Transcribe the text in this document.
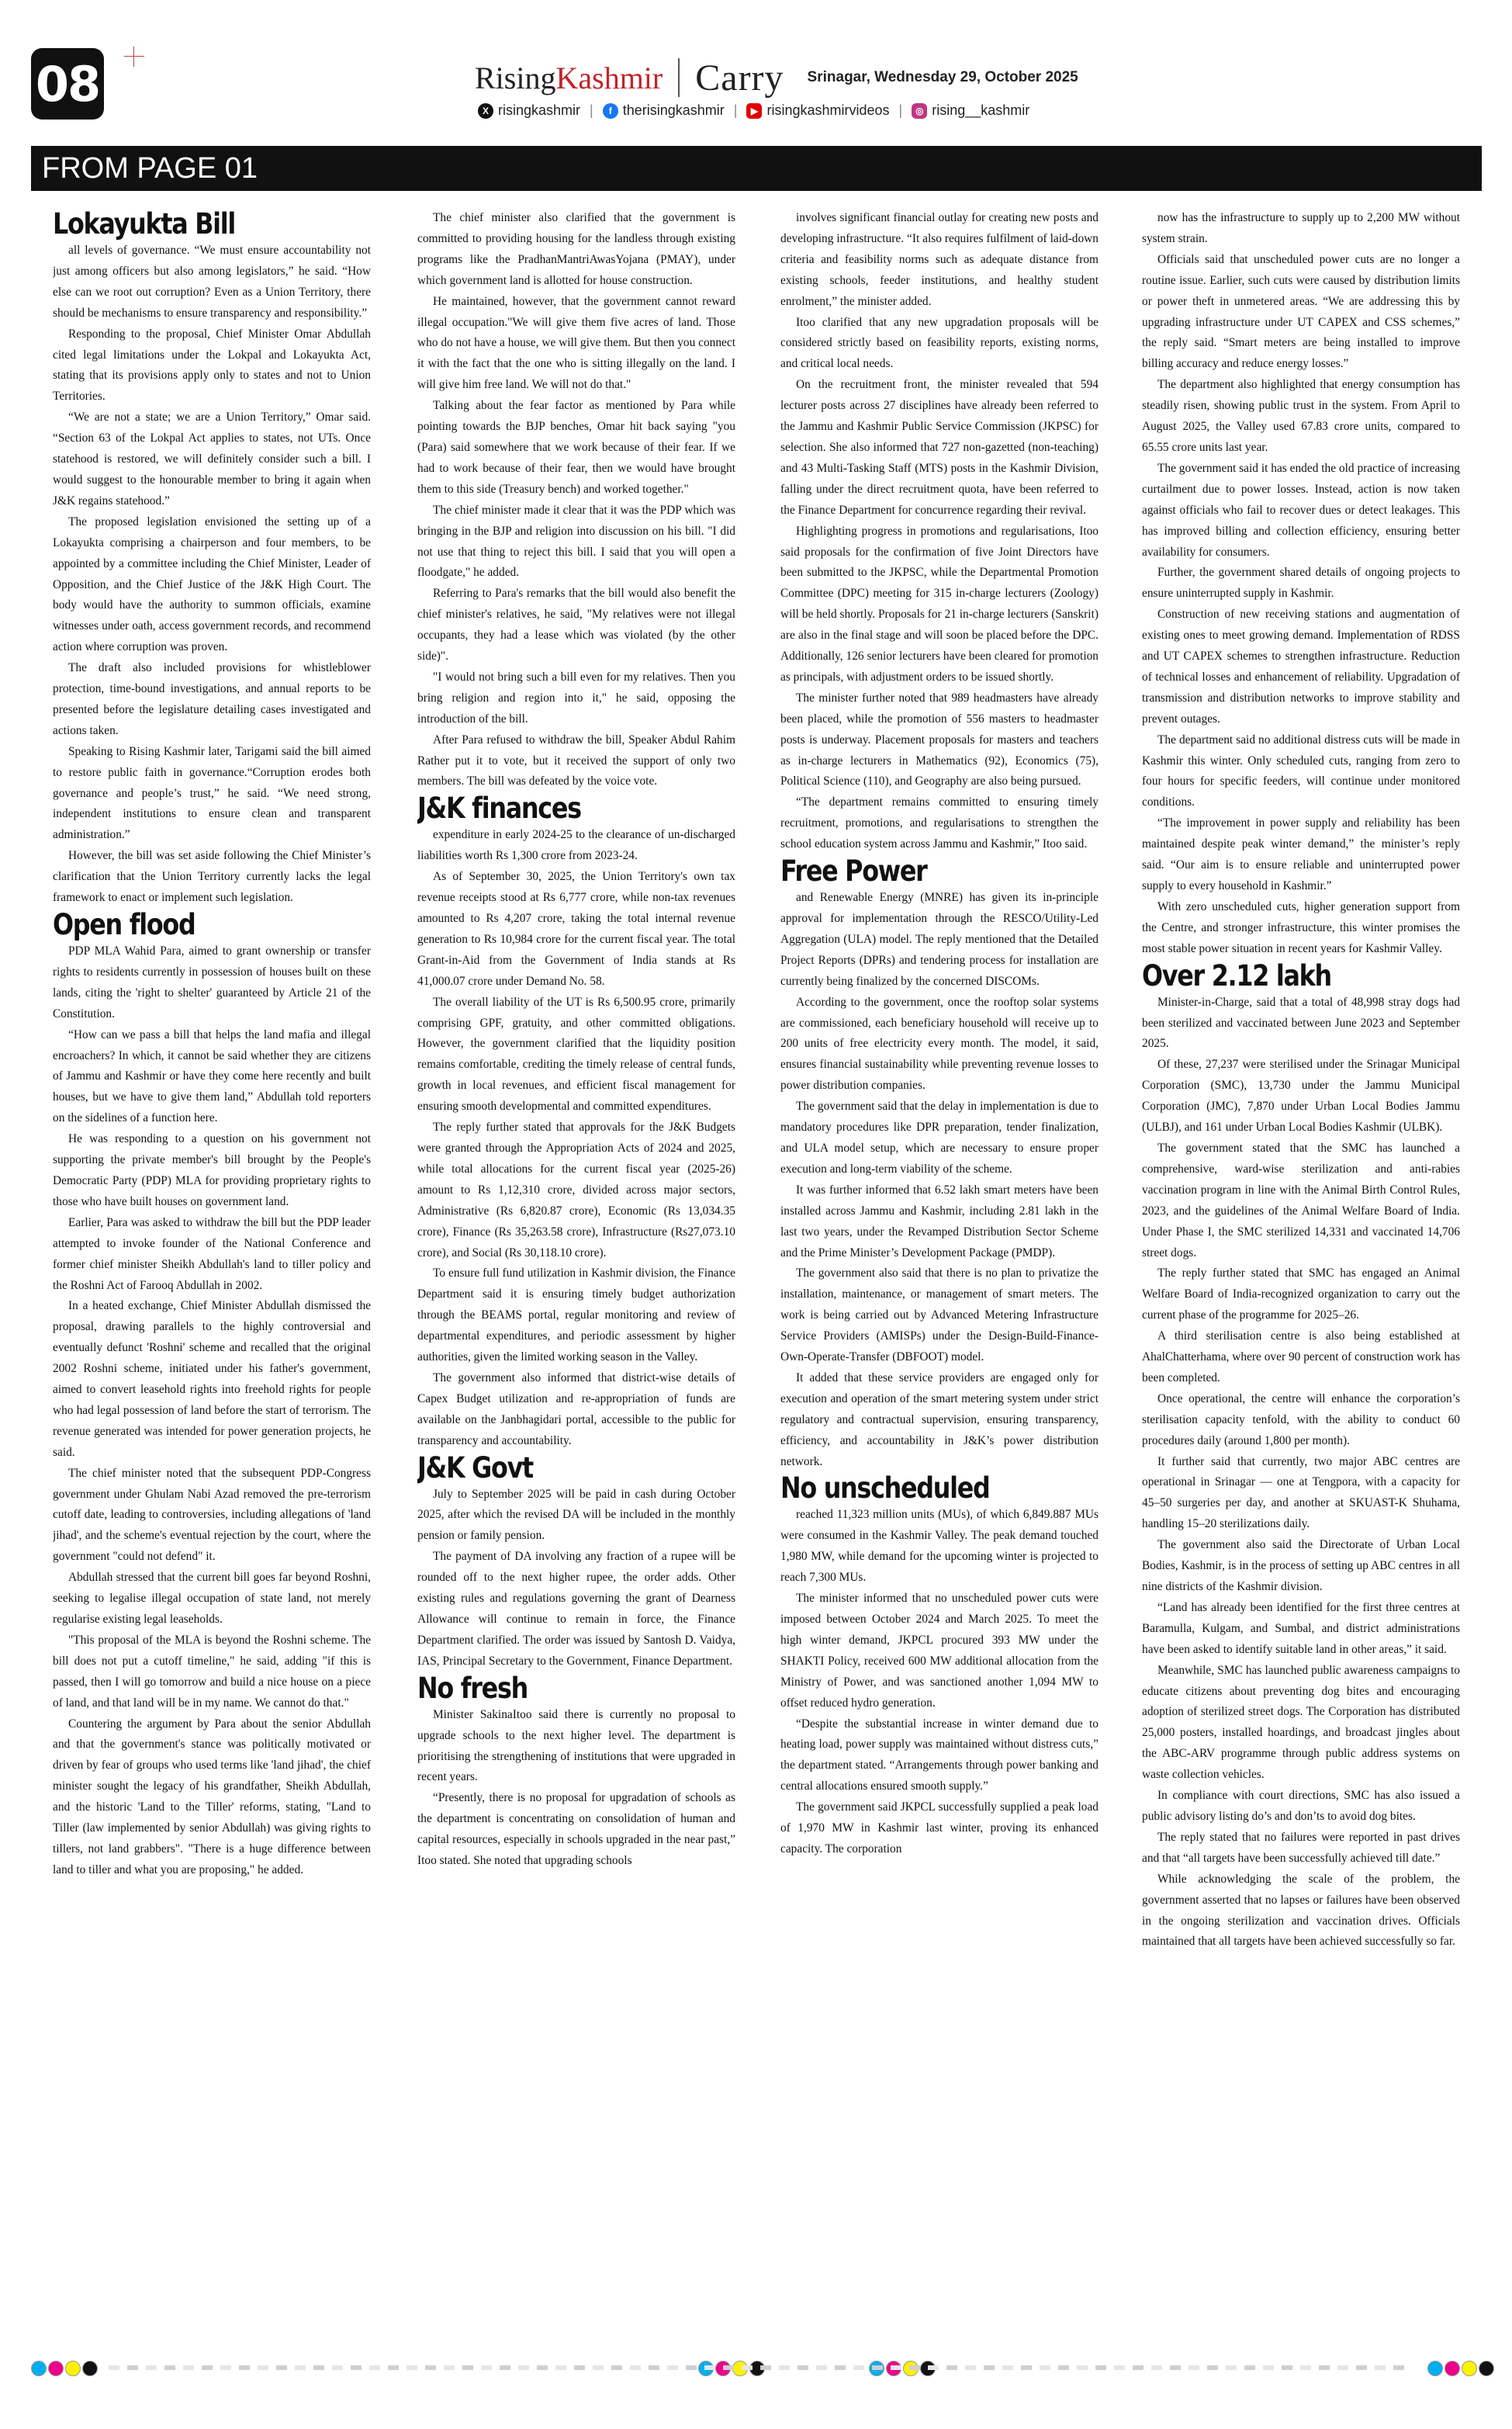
08	RisingKashmir Carry Srinagar, Wednesday 29, October 2025
X risingkashmir |	f therisingkashmir |	▶ risingkashmirvideos |	◎ rising__kashmir
FROM PAGE 01
Lokayukta Bill

all levels of governance. “We must ensure accountability not just among officers but also among legislators,” he said. “How else can we root out corruption? Even as a Union Territory, there should be mechanisms to ensure transparency and responsibility.”

Responding to the proposal, Chief Minister Omar Abdullah cited legal limitations under the Lokpal and Lokayukta Act, stating that its provisions apply only to states and not to Union Territories.

“We are not a state; we are a Union Territory,” Omar said. “Section 63 of the Lokpal Act applies to states, not UTs. Once statehood is restored, we will definitely consider such a bill. I would suggest to the honourable member to bring it again when J&K regains statehood.”

The proposed legislation envisioned the setting up of a Lokayukta comprising a chairperson and four members, to be appointed by a committee including the Chief Minister, Leader of Opposition, and the Chief Justice of the J&K High Court. The body would have the authority to summon officials, examine witnesses under oath, access government records, and recommend action where corruption was proven.

The draft also included provisions for whistleblower protection, time-bound investigations, and annual reports to be presented before the legislature detailing cases investigated and actions taken.

Speaking to Rising Kashmir later, Tarigami said the bill aimed to restore public faith in governance.“Corruption erodes both governance and people’s trust,” he said. “We need strong, independent institutions to ensure clean and transparent administration.”

However, the bill was set aside following the Chief Minister’s clarification that the Union Territory currently lacks the legal framework to enact or implement such legislation.

Open flood

PDP MLA Wahid Para, aimed to grant ownership or transfer rights to residents currently in possession of houses built on these lands, citing the 'right to shelter' guaranteed by Article 21 of the Constitution.

“How can we pass a bill that helps the land mafia and illegal encroachers? In which, it cannot be said whether they are citizens of Jammu and Kashmir or have they come here recently and built houses, but we have to give them land,” Abdullah told reporters on the sidelines of a function here.

He was responding to a question on his government not supporting the private member's bill brought by the People's Democratic Party (PDP) MLA for providing proprietary rights to those who have built houses on government land.

Earlier, Para was asked to withdraw the bill but the PDP leader attempted to invoke founder of the National Conference and former chief minister Sheikh Abdullah's land to tiller policy and the Roshni Act of Farooq Abdullah in 2002.

In a heated exchange, Chief Minister Abdullah dismissed the proposal, drawing parallels to the highly controversial and eventually defunct 'Roshni' scheme and recalled that the original 2002 Roshni scheme, initiated under his father's government, aimed to convert leasehold rights into freehold rights for people who had legal possession of land before the start of terrorism. The revenue generated was intended for power generation projects, he said.

The chief minister noted that the subsequent PDP-Congress government under Ghulam Nabi Azad removed the pre-terrorism cutoff date, leading to controversies, including allegations of 'land jihad', and the scheme's eventual rejection by the court, where the government "could not defend" it.

Abdullah stressed that the current bill goes far beyond Roshni, seeking to legalise illegal occupation of state land, not merely regularise existing legal leaseholds.

"This proposal of the MLA is beyond the Roshni scheme. The bill does not put a cutoff timeline," he said, adding "if this is passed, then I will go tomorrow and build a nice house on a piece of land, and that land will be in my name. We cannot do that."

Countering the argument by Para about the senior Abdullah and that the government's stance was politically motivated or driven by fear of groups who used terms like 'land jihad', the chief minister sought the legacy of his grandfather, Sheikh Abdullah, and the historic 'Land to the Tiller' reforms, stating, "Land to Tiller (law implemented by senior Abdullah) was giving rights to tillers, not land grabbers". "There is a huge difference between land to tiller and what you are proposing," he added.

The chief minister also clarified that the government is committed to providing housing for the landless through existing programs like the PradhanMantriAwasYojana (PMAY), under which government land is allotted for house construction.

He maintained, however, that the government cannot reward illegal occupation."We will give them five acres of land. Those who do not have a house, we will give them. But then you connect it with the fact that the one who is sitting illegally on the land. I will give him free land. We will not do that."

Talking about the fear factor as mentioned by Para while pointing towards the BJP benches, Omar hit back saying "you (Para) said somewhere that we work because of their fear. If we had to work because of their fear, then we would have brought them to this side (Treasury bench) and worked together."

The chief minister made it clear that it was the PDP which was bringing in the BJP and religion into discussion on his bill. "I did not use that thing to reject this bill. I said that you will open a floodgate," he added.

Referring to Para's remarks that the bill would also benefit the chief minister's relatives, he said, "My relatives were not illegal occupants, they had a lease which was violated (by the other side)".

"I would not bring such a bill even for my relatives. Then you bring religion and region into it," he said, opposing the introduction of the bill.

After Para refused to withdraw the bill, Speaker Abdul Rahim Rather put it to vote, but it received the support of only two members. The bill was defeated by the voice vote.

J&K finances

expenditure in early 2024-25 to the clearance of un-discharged liabilities worth Rs 1,300 crore from 2023-24.

As of September 30, 2025, the Union Territory's own tax revenue receipts stood at Rs 6,777 crore, while non-tax revenues amounted to Rs 4,207 crore, taking the total internal revenue generation to Rs 10,984 crore for the current fiscal year. The total Grant-in-Aid from the Government of India stands at Rs 41,000.07 crore under Demand No. 58.

The overall liability of the UT is Rs 6,500.95 crore, primarily comprising GPF, gratuity, and other committed obligations. However, the government clarified that the liquidity position remains comfortable, crediting the timely release of central funds, growth in local revenues, and efficient fiscal management for ensuring smooth developmental and committed expenditures.

The reply further stated that approvals for the J&K Budgets were granted through the Appropriation Acts of 2024 and 2025, while total allocations for the current fiscal year (2025-26) amount to Rs 1,12,310 crore, divided across major sectors, Administrative (Rs 6,820.87 crore), Economic (Rs 13,034.35 crore), Finance (Rs 35,263.58 crore), Infrastructure (Rs27,073.10 crore), and Social (Rs 30,118.10 crore).

To ensure full fund utilization in Kashmir division, the Finance Department said it is ensuring timely budget authorization through the BEAMS portal, regular monitoring and review of departmental expenditures, and periodic assessment by higher authorities, given the limited working season in the Valley.

The government also informed that district-wise details of Capex Budget utilization and re-appropriation of funds are available on the Janbhagidari portal, accessible to the public for transparency and accountability.

J&K Govt

July to September 2025 will be paid in cash during October 2025, after which the revised DA will be included in the monthly pension or family pension.

The payment of DA involving any fraction of a rupee will be rounded off to the next higher rupee, the order adds. Other existing rules and regulations governing the grant of Dearness Allowance will continue to remain in force, the Finance Department clarified. The order was issued by Santosh D. Vaidya, IAS, Principal Secretary to the Government, Finance Department.

No fresh

Minister SakinaItoo said there is currently no proposal to upgrade schools to the next higher level. The department is prioritising the strengthening of institutions that were upgraded in recent years.

“Presently, there is no proposal for upgradation of schools as the department is concentrating on consolidation of human and capital resources, especially in schools upgraded in the near past,” Itoo stated. She noted that upgrading schools

involves significant financial outlay for creating new posts and developing infrastructure. “It also requires fulfilment of laid-down criteria and feasibility norms such as adequate distance from existing schools, feeder institutions, and healthy student enrolment,” the minister added.

Itoo clarified that any new upgradation proposals will be considered strictly based on feasibility reports, existing norms, and critical local needs.

On the recruitment front, the minister revealed that 594 lecturer posts across 27 disciplines have already been referred to the Jammu and Kashmir Public Service Commission (JKPSC) for selection. She also informed that 727 non-gazetted (non-teaching) and 43 Multi-Tasking Staff (MTS) posts in the Kashmir Division, falling under the direct recruitment quota, have been referred to the Finance Department for concurrence regarding their revival.

Highlighting progress in promotions and regularisations, Itoo said proposals for the confirmation of five Joint Directors have been submitted to the JKPSC, while the Departmental Promotion Committee (DPC) meeting for 315 in-charge lecturers (Zoology) will be held shortly. Proposals for 21 in-charge lecturers (Sanskrit) are also in the final stage and will soon be placed before the DPC. Additionally, 126 senior lecturers have been cleared for promotion as principals, with adjustment orders to be issued shortly.

The minister further noted that 989 headmasters have already been placed, while the promotion of 556 masters to headmaster posts is underway. Placement proposals for masters and teachers as in-charge lecturers in Mathematics (92), Economics (75), Political Science (110), and Geography are also being pursued.

“The department remains committed to ensuring timely recruitment, promotions, and regularisations to strengthen the school education system across Jammu and Kashmir,” Itoo said.

Free Power

and Renewable Energy (MNRE) has given its in-principle approval for implementation through the RESCO/Utility-Led Aggregation (ULA) model. The reply mentioned that the Detailed Project Reports (DPRs) and tendering process for installation are currently being finalized by the concerned DISCOMs.

According to the government, once the rooftop solar systems are commissioned, each beneficiary household will receive up to 200 units of free electricity every month. The model, it said, ensures financial sustainability while preventing revenue losses to power distribution companies.

The government said that the delay in implementation is due to mandatory procedures like DPR preparation, tender finalization, and ULA model setup, which are necessary to ensure proper execution and long-term viability of the scheme.

It was further informed that 6.52 lakh smart meters have been installed across Jammu and Kashmir, including 2.81 lakh in the last two years, under the Revamped Distribution Sector Scheme and the Prime Minister’s Development Package (PMDP).

The government also said that there is no plan to privatize the installation, maintenance, or management of smart meters. The work is being carried out by Advanced Metering Infrastructure Service Providers (AMISPs) under the Design-Build-Finance-Own-Operate-Transfer (DBFOOT) model.

It added that these service providers are engaged only for execution and operation of the smart metering system under strict regulatory and contractual supervision, ensuring transparency, efficiency, and accountability in J&K’s power distribution network.

No unscheduled

reached 11,323 million units (MUs), of which 6,849.887 MUs were consumed in the Kashmir Valley. The peak demand touched 1,980 MW, while demand for the upcoming winter is projected to reach 7,300 MUs.

The minister informed that no unscheduled power cuts were imposed between October 2024 and March 2025. To meet the high winter demand, JKPCL procured 393 MW under the SHAKTI Policy, received 600 MW additional allocation from the Ministry of Power, and was sanctioned another 1,094 MW to offset reduced hydro generation.

“Despite the substantial increase in winter demand due to heating load, power supply was maintained without distress cuts,” the department stated. “Arrangements through power banking and central allocations ensured smooth supply.”

The government said JKPCL successfully supplied a peak load of 1,970 MW in Kashmir last winter, proving its enhanced capacity. The corporation

now has the infrastructure to supply up to 2,200 MW without system strain.

Officials said that unscheduled power cuts are no longer a routine issue. Earlier, such cuts were caused by distribution limits or power theft in unmetered areas. “We are addressing this by upgrading infrastructure under UT CAPEX and CSS schemes,” the reply said. “Smart meters are being installed to improve billing accuracy and reduce energy losses.”

The department also highlighted that energy consumption has steadily risen, showing public trust in the system. From April to August 2025, the Valley used 67.83 crore units, compared to 65.55 crore units last year.

The government said it has ended the old practice of increasing curtailment due to power losses. Instead, action is now taken against officials who fail to recover dues or detect leakages. This has improved billing and collection efficiency, ensuring better availability for consumers.

Further, the government shared details of ongoing projects to ensure uninterrupted supply in Kashmir.

Construction of new receiving stations and augmentation of existing ones to meet growing demand. Implementation of RDSS and UT CAPEX schemes to strengthen infrastructure. Reduction of technical losses and enhancement of reliability. Upgradation of transmission and distribution networks to improve stability and prevent outages.

The department said no additional distress cuts will be made in Kashmir this winter. Only scheduled cuts, ranging from zero to four hours for specific feeders, will continue under monitored conditions.

“The improvement in power supply and reliability has been maintained despite peak winter demand,” the minister’s reply said. “Our aim is to ensure reliable and uninterrupted power supply to every household in Kashmir.”

With zero unscheduled cuts, higher generation support from the Centre, and stronger infrastructure, this winter promises the most stable power situation in recent years for Kashmir Valley.

Over 2.12 lakh

Minister-in-Charge, said that a total of 48,998 stray dogs had been sterilized and vaccinated between June 2023 and September 2025.

Of these, 27,237 were sterilised under the Srinagar Municipal Corporation (SMC), 13,730 under the Jammu Municipal Corporation (JMC), 7,870 under Urban Local Bodies Jammu (ULBJ), and 161 under Urban Local Bodies Kashmir (ULBK).

The government stated that the SMC has launched a comprehensive, ward-wise sterilization and anti-rabies vaccination program in line with the Animal Birth Control Rules, 2023, and the guidelines of the Animal Welfare Board of India. Under Phase I, the SMC sterilized 14,331 and vaccinated 14,706 street dogs.

The reply further stated that SMC has engaged an Animal Welfare Board of India-recognized organization to carry out the current phase of the programme for 2025–26.

A third sterilisation centre is also being established at AhalChatterhama, where over 90 percent of construction work has been completed.

Once operational, the centre will enhance the corporation’s sterilisation capacity tenfold, with the ability to conduct 60 procedures daily (around 1,800 per month).

It further said that currently, two major ABC centres are operational in Srinagar — one at Tengpora, with a capacity for 45–50 surgeries per day, and another at SKUAST-K Shuhama, handling 15–20 sterilizations daily.

The government also said the Directorate of Urban Local Bodies, Kashmir, is in the process of setting up ABC centres in all nine districts of the Kashmir division.

“Land has already been identified for the first three centres at Baramulla, Kulgam, and Sumbal, and district administrations have been asked to identify suitable land in other areas,” it said.

Meanwhile, SMC has launched public awareness campaigns to educate citizens about preventing dog bites and encouraging adoption of sterilized street dogs. The Corporation has distributed 25,000 posters, installed hoardings, and broadcast jingles about the ABC-ARV programme through public address systems on waste collection vehicles.

In compliance with court directions, SMC has also issued a public advisory listing do’s and don’ts to avoid dog bites.

The reply stated that no failures were reported in past drives and that “all targets have been successfully achieved till date.”

While acknowledging the scale of the problem, the government asserted that no lapses or failures have been observed in the ongoing sterilization and vaccination drives. Officials maintained that all targets have been achieved successfully so far.
